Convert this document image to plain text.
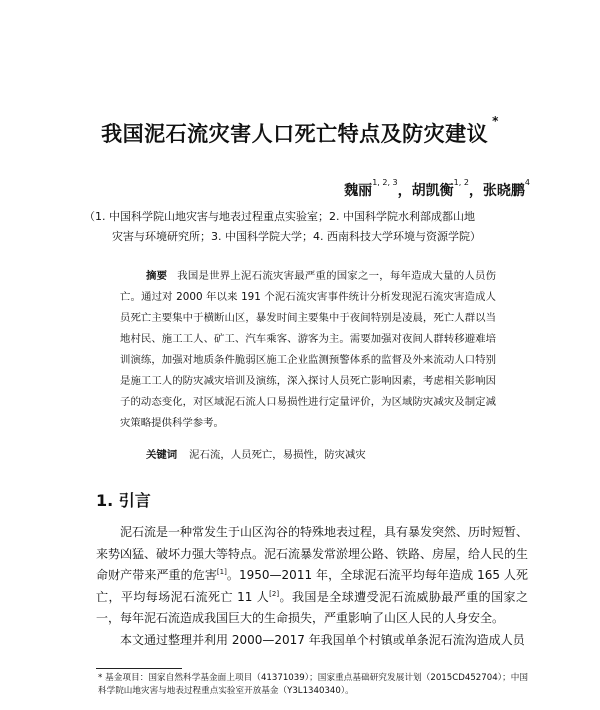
我国泥石流灾害人口死亡特点及防灾建议*
魏丽$^{1, 2, 3}$，胡凯衡$^{1, 2}$，张晓鹏$^4$
（1. 中国科学院山地灾害与地表过程重点实验室；2. 中国科学院水利部成都山地
灾害与环境研究所；3. 中国科学院大学；4. 西南科技大学环境与资源学院）
摘要 我国是世界上泥石流灾害最严重的国家之一，每年造成大量的人员伤亡。通过对 2000 年以来 191 个泥石流灾害事件统计分析发现泥石流灾害造成人员死亡主要集中于横断山区，暴发时间主要集中于夜间特别是凌晨，死亡人群以当地村民、施工工人、矿工、汽车乘客、游客为主。需要加强对夜间人群转移避难培训演练，加强对地质条件脆弱区施工企业监测预警体系的监督及外来流动人口特别是施工工人的防灾减灾培训及演练，深入探讨人员死亡影响因素，考虑相关影响因子的动态变化，对区域泥石流人口易损性进行定量评价，为区域防灾减灾及制定减灾策略提供科学参考。
关键词 泥石流，人员死亡，易损性，防灾减灾
1. 引言

泥石流是一种常发生于山区沟谷的特殊地表过程，具有暴发突然、历时短暂、来势凶猛、破坏力强大等特点。泥石流暴发常淤埋公路、铁路、房屋，给人民的生命财产带来严重的危害[1]。1950—2011 年，全球泥石流平均每年造成 165 人死亡，平均每场泥石流死亡 11 人[2]。我国是全球遭受泥石流威胁最严重的国家之一，每年泥石流造成我国巨大的生命损失，严重影响了山区人民的人身安全。

本文通过整理并利用 2000—2017 年我国单个村镇或单条泥石流沟造成人员

* 基金项目：国家自然科学基金面上项目（41371039）；国家重点基础研究发展计划（2015CD452704）；中国科学院山地灾害与地表过程重点实验室开放基金（Y3L1340340）。
